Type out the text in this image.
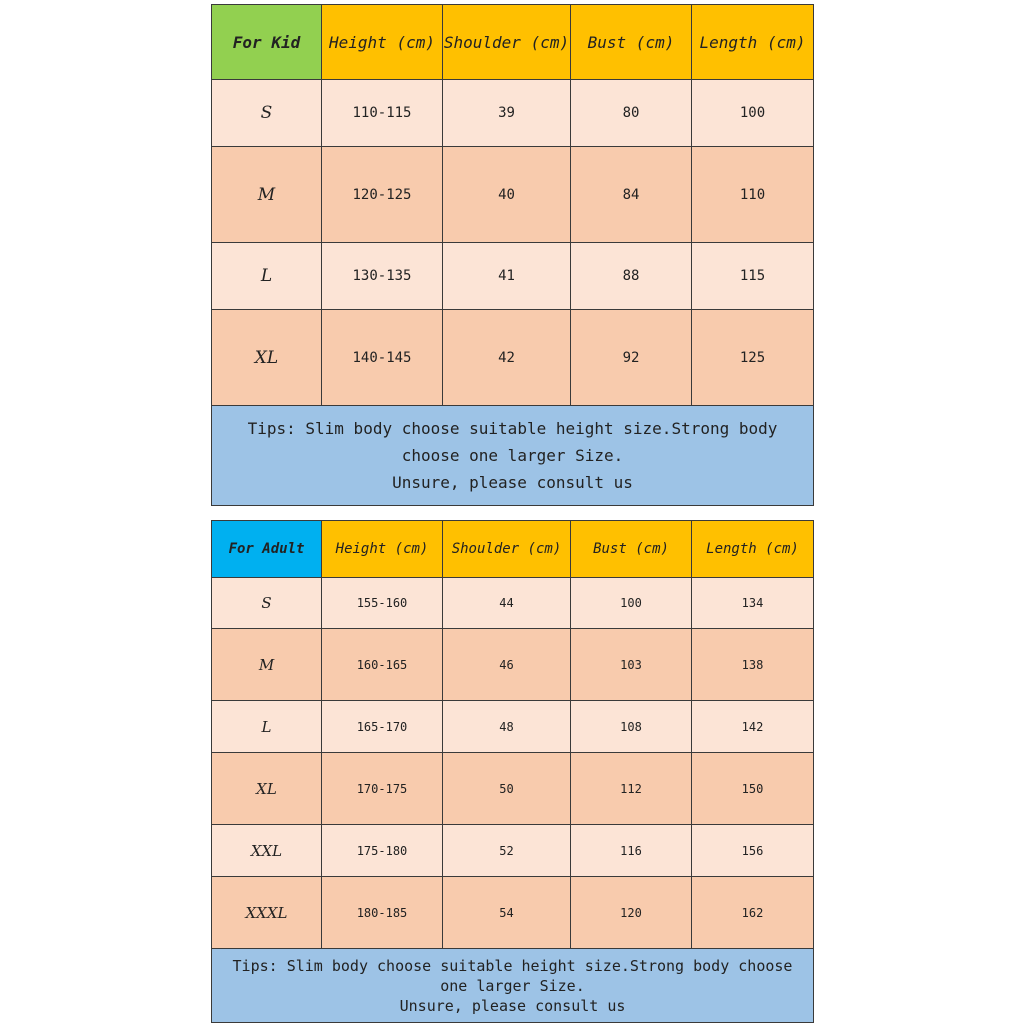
For Kid	Height (cm)	Shoulder (cm)	Bust (cm)	Length (cm)
S	110-115	39	80	100
M	120-125	40	84	110
L	130-135	41	88	115
XL	140-145	42	92	125

Tips: Slim body choose suitable height size.Strong body choose one larger Size.
Unsure, please consult us				
For Adult	Height (cm)	Shoulder (cm)	Bust (cm)	Length (cm)
S	155-160	44	100	134
M	160-165	46	103	138
L	165-170	48	108	142
XL	170-175	50	112	150
XXL	175-180	52	116	156
XXXL	180-185	54	120	162

Tips: Slim body choose suitable height size.Strong body choose one larger Size.
Unsure, please consult us				
